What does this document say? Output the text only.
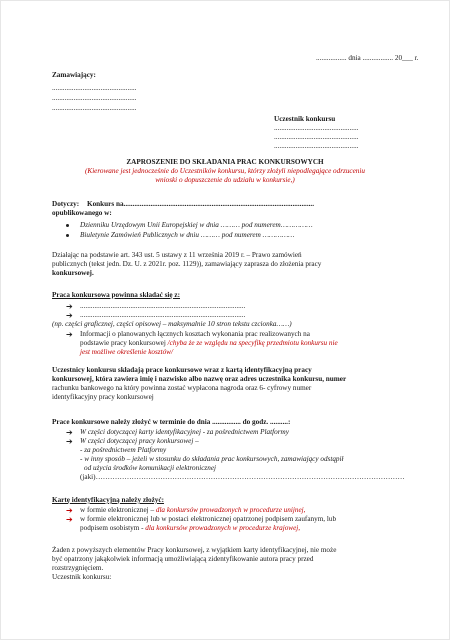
................. dnia ................. 20___ r.
Zamawiający:
...............................................
...............................................
...............................................
Uczestnik konkursu
...............................................
...............................................
...............................................
ZAPROSZENIE DO SKŁADANIA PRAC KONKURSOWYCH
(Kierowane jest jednocześnie do Uczestników konkursu, którzy złożyli niepodlegające odrzuceniu
wnioski o dopuszczenie do udziału w konkursie,)
Dotyczy: Konkurs na..........................................................................................................
opublikowanego w:
Dzienniku Urzędowym Unii Europejskiej w dnia ……… pod numerem……………
Biuletynie Zamówień Publicznych w dniu ……… pod numerem ……………
Działając na podstawie art. 343 ust. 5 ustawy z 11 września 2019 r. – Prawo zamówień
publicznych (tekst jedn. Dz. U. z 2021r. poz. 1129)), zamawiający zaprasza do złożenia pracy
konkursowej.
Praca konkursowa powinna składać się z:
➔ ............................................................................................
➔ ............................................................................................
(np. części graficznej, części opisowej – maksymalnie 10 stron tekstu czcionka……)
➔ Informacji o planowanych łącznych kosztach wykonania prac realizowanych na
podstawie pracy konkursowej /chyba że ze względu na specyfikę przedmiotu konkursu nie
jest możliwe określenie kosztów/
Uczestnicy konkursu składają prace konkursowe wraz z kartą identyfikacyjną pracy
konkursowej, która zawiera imię i nazwisko albo nazwę oraz adres uczestnika konkursu, numer
rachunku bankowego na który powinna zostać wypłacona nagroda oraz 6- cyfrowy numer
identyfikacyjny pracy konkursowej
Prace konkursowe należy złożyć w terminie do dnia ................ do godz. ..........:
➔ W części dotyczącej karty identyfikacyjnej - za pośrednictwem Platformy
➔ W części dotyczącej pracy konkursowej –
- za pośrednictwem Platformy
- w inny sposób – jeżeli w stosunku do składania prac konkursowych, zamawiający odstąpił
od użycia środków komunikacji elektronicznej
(jaki)…………………………………………………………………………………………………………………
Kartę identyfikacyjną należy złożyć:
➔ w formie elektronicznej – dla konkursów prowadzonych w procedurze unijnej,
➔ w formie elektronicznej lub w postaci elektronicznej opatrzonej podpisem zaufanym, lub
podpisem osobistym - dla konkursów prowadzonych w procedurze krajowej,
Żaden z powyższych elementów Pracy konkursowej, z wyjątkiem karty identyfikacyjnej, nie może
być opatrzony jakąkolwiek informacją umożliwiającą zidentyfikowanie autora pracy przed
rozstrzygnięciem.
Uczestnik konkursu:
